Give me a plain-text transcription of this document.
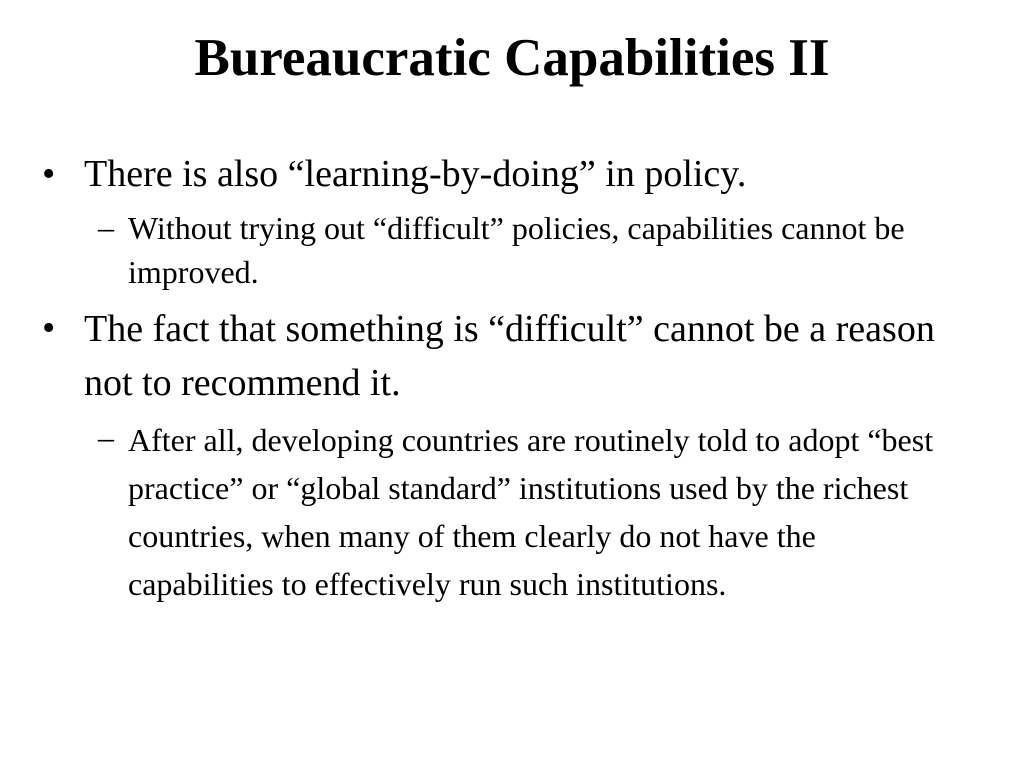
Bureaucratic Capabilities II
• There is also “learning-by-doing” in policy.
– Without trying out “difficult” policies, capabilities cannot be improved.
• The fact that something is “difficult” cannot be a reason not to recommend it.
– After all, developing countries are routinely told to adopt “best practice” or “global standard” institutions used by the richest countries, when many of them clearly do not have the capabilities to effectively run such institutions.
